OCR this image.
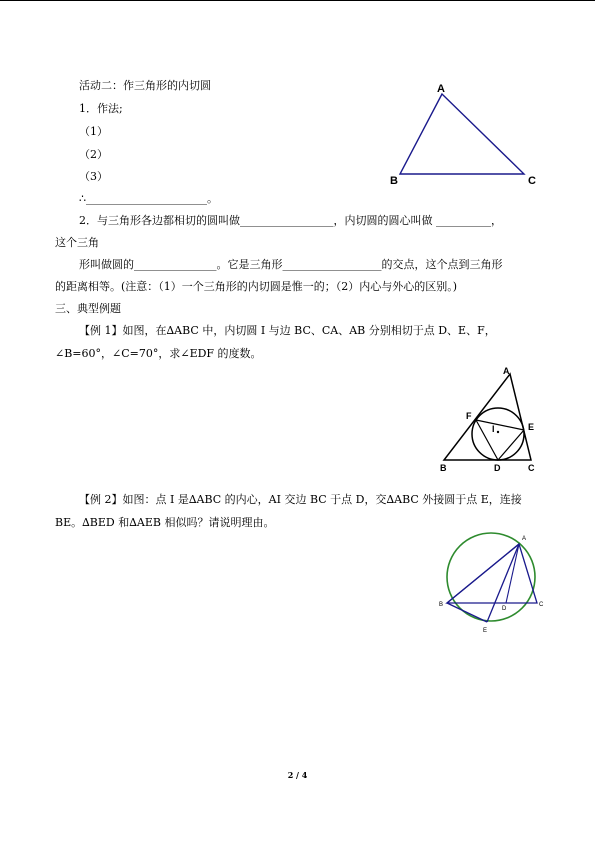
活动二：作三角形的内切圆
1．作法;
（1）
（2）
（3）
∴______________________。
2．与三角形各边都相切的圆叫做_________________，内切圆的圆心叫做 __________，
这个三角
形叫做圆的_______________。它是三角形__________________的交点，这个点到三角形
的距离相等。(注意：（1）一个三角形的内切圆是惟一的；（2）内心与外心的区别。)
三、典型例题
【例 1】如图，在∆ABC 中，内切圆 I 与边 BC、CA、AB 分别相切于点 D、E、F，
∠B=60°，∠C=70°，求∠EDF 的度数。
【例 2】如图：点 I 是∆ABC 的内心，AI 交边 BC 于点 D，交∆ABC 外接圆于点 E，连接
BE。∆BED 和∆AEB 相似吗？请说明理由。
A
B	C
A
B	C
D
E
F
I
A
B	C
D
E
2 / 4
